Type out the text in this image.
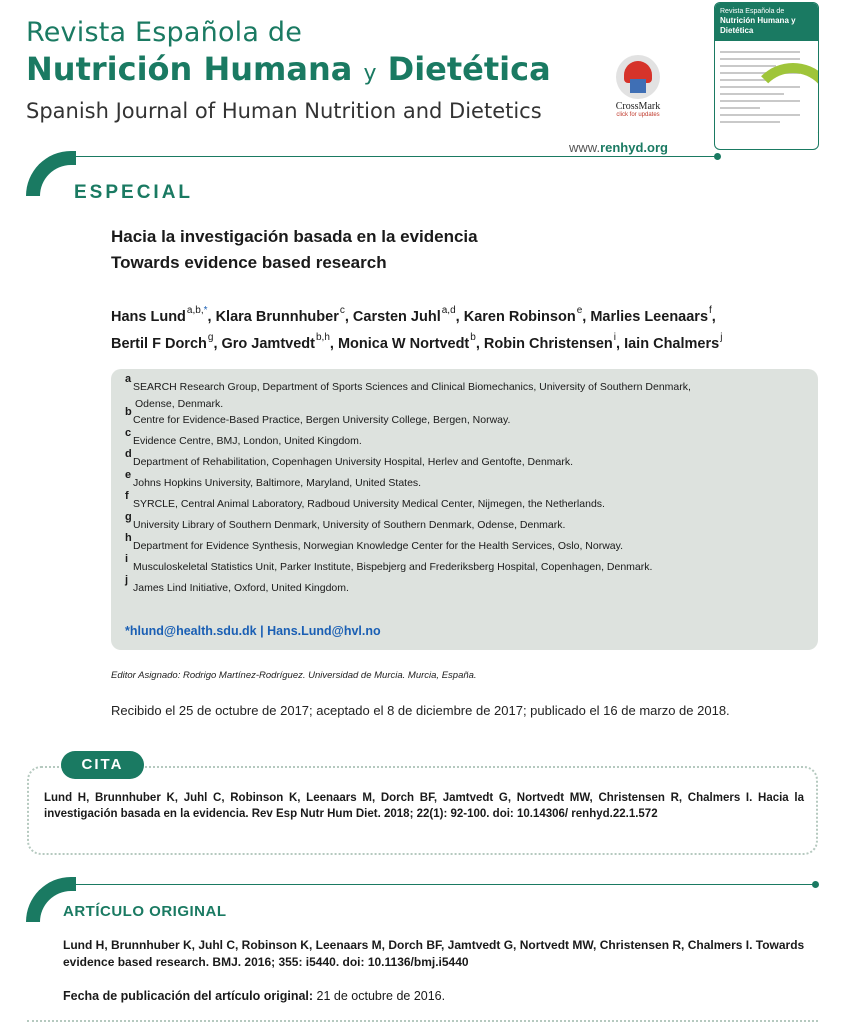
Revista Española de
Nutrición Humana y Dietética
Spanish Journal of Human Nutrition and Dietetics	CrossMark
click for updates
Revista Española de
Nutrición Humana y Dietética
www.renhyd.org
ESPECIAL
Hacia la investigación basada en la evidencia
Towards evidence based research
Hans Lund$^{a,b,*}$, Klara Brunnhuber$^c$, Carsten Juhl$^{a,d}$, Karen Robinson$^e$, Marlies Leenaars$^f$,
Bertil F Dorch$^g$, Gro Jamtvedt$^{b,h}$, Monica W Nortvedt$^b$, Robin Christensen$^i$, Iain Chalmers$^j$
a
SEARCH Research Group, Department of Sports Sciences and Clinical Biomechanics, University of Southern Denmark,
Odense, Denmark.
b
Centre for Evidence-Based Practice, Bergen University College, Bergen, Norway.
c
Evidence Centre, BMJ, London, United Kingdom.
d
Department of Rehabilitation, Copenhagen University Hospital, Herlev and Gentofte, Denmark.
e
Johns Hopkins University, Baltimore, Maryland, United States.
f
SYRCLE, Central Animal Laboratory, Radboud University Medical Center, Nijmegen, the Netherlands.
g
University Library of Southern Denmark, University of Southern Denmark, Odense, Denmark.
h
Department for Evidence Synthesis, Norwegian Knowledge Center for the Health Services, Oslo, Norway.
i
Musculoskeletal Statistics Unit, Parker Institute, Bispebjerg and Frederiksberg Hospital, Copenhagen, Denmark.
j
James Lind Initiative, Oxford, United Kingdom.
*hlund@health.sdu.dk | Hans.Lund@hvl.no
Editor Asignado: Rodrigo Martínez-Rodríguez. Universidad de Murcia. Murcia, España.
Recibido el 25 de octubre de 2017; aceptado el 8 de diciembre de 2017; publicado el 16 de marzo de 2018.
CITA
Lund H, Brunnhuber K, Juhl C, Robinson K, Leenaars M, Dorch BF, Jamtvedt G, Nortvedt MW, Christensen R, Chalmers I. Hacia la investigación basada en la evidencia. Rev Esp Nutr Hum Diet. 2018; 22(1): 92-100. doi: 10.14306/ renhyd.22.1.572
ARTÍCULO ORIGINAL
Lund H, Brunnhuber K, Juhl C, Robinson K, Leenaars M, Dorch BF, Jamtvedt G, Nortvedt MW, Christensen R, Chalmers I. Towards evidence based research. BMJ. 2016; 355: i5440. doi: 10.1136/bmj.i5440
Fecha de publicación del artículo original: 21 de octubre de 2016.
